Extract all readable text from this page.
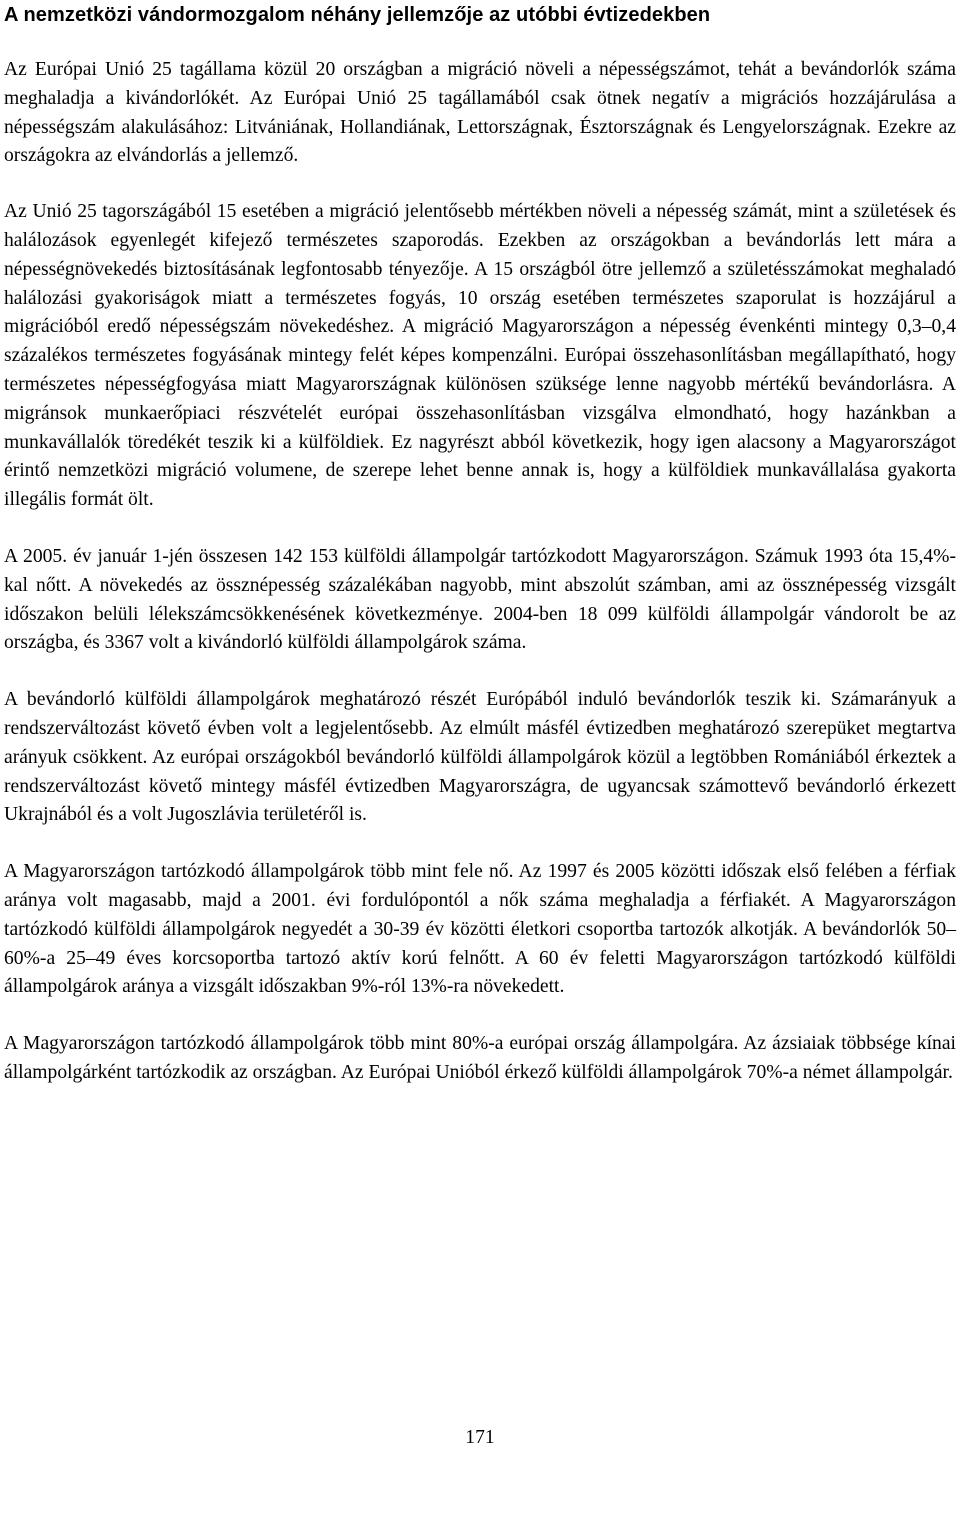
A nemzetközi vándormozgalom néhány jellemzője az utóbbi évtizedekben

Az Európai Unió 25 tagállama közül 20 országban a migráció növeli a népességszámot, tehát a bevándorlók száma meghaladja a kivándorlókét. Az Európai Unió 25 tagállamából csak ötnek negatív a migrációs hozzájárulása a népességszám alakulásához: Litvániának, Hollandiának, Lettországnak, Észtországnak és Lengyelországnak. Ezekre az országokra az elvándorlás a jellemző.

Az Unió 25 tagországából 15 esetében a migráció jelentősebb mértékben növeli a népesség számát, mint a születések és halálozások egyenlegét kifejező természetes szaporodás. Ezekben az országokban a bevándorlás lett mára a népességnövekedés biztosításának legfontosabb tényezője. A 15 országból ötre jellemző a születésszámokat meghaladó halálozási gyakoriságok miatt a természetes fogyás, 10 ország esetében természetes szaporulat is hozzájárul a migrációból eredő népességszám növekedéshez. A migráció Magyarországon a népesség évenkénti mintegy 0,3–0,4 százalékos természetes fogyásának mintegy felét képes kompenzálni. Európai összehasonlításban megállapítható, hogy természetes népességfogyása miatt Magyarországnak különösen szüksége lenne nagyobb mértékű bevándorlásra. A migránsok munkaerőpiaci részvételét európai összehasonlításban vizsgálva elmondható, hogy hazánkban a munkavállalók töredékét teszik ki a külföldiek. Ez nagyrészt abból következik, hogy igen alacsony a Magyarországot érintő nemzetközi migráció volumene, de szerepe lehet benne annak is, hogy a külföldiek munkavállalása gyakorta illegális formát ölt.

A 2005. év január 1-jén összesen 142 153 külföldi állampolgár tartózkodott Magyarországon. Számuk 1993 óta 15,4%-kal nőtt. A növekedés az össznépesség százalékában nagyobb, mint abszolút számban, ami az össznépesség vizsgált időszakon belüli lélekszámcsökkenésének következménye. 2004-ben 18 099 külföldi állampolgár vándorolt be az országba, és 3367 volt a kivándorló külföldi állampolgárok száma.

A bevándorló külföldi állampolgárok meghatározó részét Európából induló bevándorlók teszik ki. Számarányuk a rendszerváltozást követő évben volt a legjelentősebb. Az elmúlt másfél évtizedben meghatározó szerepüket megtartva arányuk csökkent. Az európai országokból bevándorló külföldi állampolgárok közül a legtöbben Romániából érkeztek a rendszerváltozást követő mintegy másfél évtizedben Magyarországra, de ugyancsak számottevő bevándorló érkezett Ukrajnából és a volt Jugoszlávia területéről is.

A Magyarországon tartózkodó állampolgárok több mint fele nő. Az 1997 és 2005 közötti időszak első felében a férfiak aránya volt magasabb, majd a 2001. évi fordulópontól a nők száma meghaladja a férfiakét. A Magyarországon tartózkodó külföldi állampolgárok negyedét a 30-39 év közötti életkori csoportba tartozók alkotják. A bevándorlók 50–60%-a 25–49 éves korcsoportba tartozó aktív korú felnőtt. A 60 év feletti Magyarországon tartózkodó külföldi állampolgárok aránya a vizsgált időszakban 9%-ról 13%-ra növekedett.

A Magyarországon tartózkodó állampolgárok több mint 80%-a európai ország állampolgára. Az ázsiaiak többsége kínai állampolgárként tartózkodik az országban. Az Európai Unióból érkező külföldi állampolgárok 70%-a német állampolgár.

171
